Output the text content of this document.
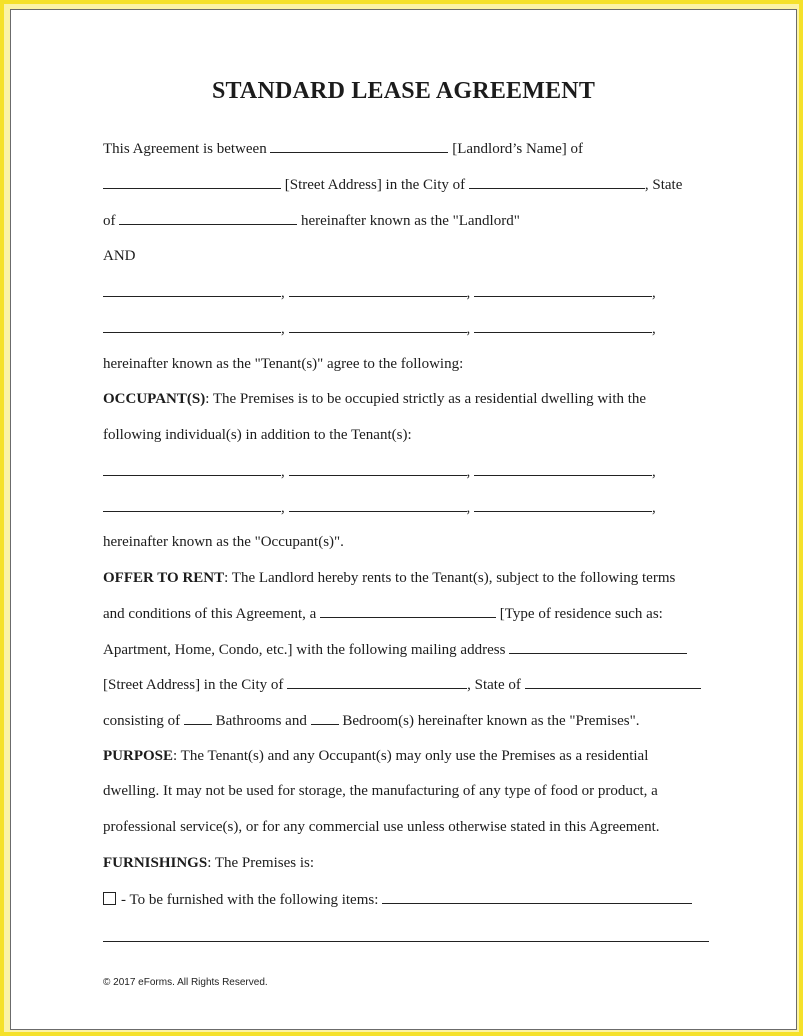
STANDARD LEASE AGREEMENT
This Agreement is between	[Landlord’s Name] of
[Street Address] in the City of	, State
of	hereinafter known as the "Landlord"
AND
,	,	,
,	,	,
hereinafter known as the "Tenant(s)" agree to the following:
OCCUPANT(S): The Premises is to be occupied strictly as a residential dwelling with the
following individual(s) in addition to the Tenant(s):
,	,	,
,	,	,
hereinafter known as the "Occupant(s)".
OFFER TO RENT: The Landlord hereby rents to the Tenant(s), subject to the following terms
and conditions of this Agreement, a	[Type of residence such as:
Apartment, Home, Condo, etc.] with the following mailing address
[Street Address] in the City of	, State of
consisting of Bathrooms and Bedroom(s) hereinafter known as the "Premises".
PURPOSE: The Tenant(s) and any Occupant(s) may only use the Premises as a residential
dwelling. It may not be used for storage, the manufacturing of any type of food or product, a
professional service(s), or for any commercial use unless otherwise stated in this Agreement.
FURNISHINGS: The Premises is:
- To be furnished with the following items:
© 2017 eForms. All Rights Reserved.
